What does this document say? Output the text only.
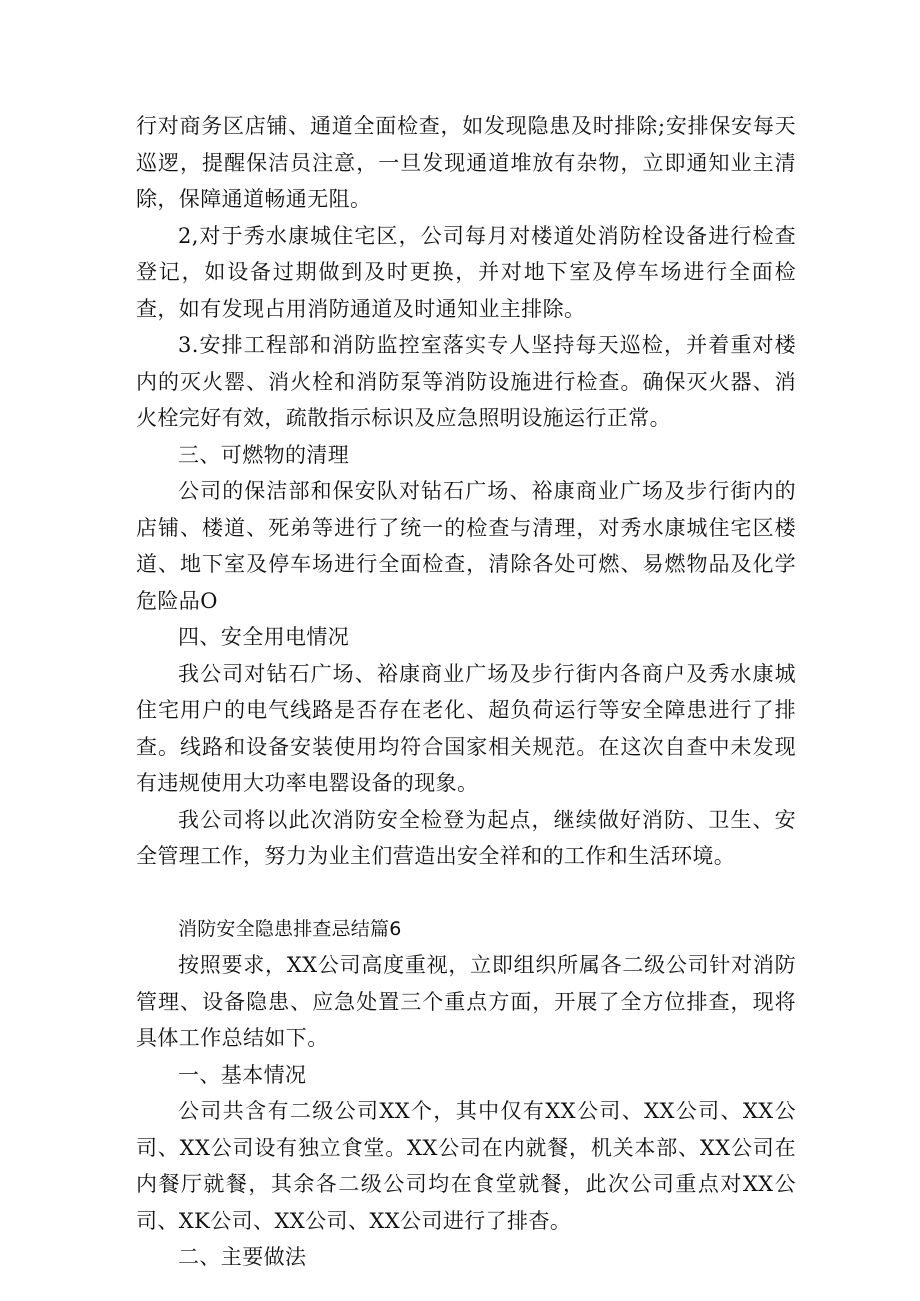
行对商务区店铺、通道全面检查，如发现隐患及时排除;安排保安每天巡逻，提醒保洁员注意，一旦发现通道堆放有杂物，立即通知业主清除，保障通道畅通无阻。

2,对于秀水康城住宅区，公司每月对楼道处消防栓设备进行检查登记，如设备过期做到及时更换，并对地下室及停车场进行全面检查，如有发现占用消防通道及时通知业主排除。

3.安排工程部和消防监控室落实专人坚持每天巡检，并着重对楼内的灭火罂、消火栓和消防泵等消防设施进行检查。确保灭火器、消火栓完好有效，疏散指示标识及应急照明设施运行正常。

三、可燃物的清理

公司的保洁部和保安队对钻石广场、裕康商业广场及步行街内的店铺、楼道、死弟等进行了统一的检查与清理，对秀水康城住宅区楼道、地下室及停车场进行全面检查，清除各处可燃、易燃物品及化学危险品O

四、安全用电情况

我公司对钻石广场、裕康商业广场及步行街内各商户及秀水康城住宅用户的电气线路是否存在老化、超负荷运行等安全障患进行了排查。线路和设备安装使用均符合国家相关规范。在这次自查中未发现有违规使用大功率电罂设备的现象。

我公司将以此次消防安全检登为起点，继续做好消防、卫生、安全管理工作，努力为业主们营造出安全祥和的工作和生活环境。

消防安全隐患排查忌结篇6

按照要求，XX公司高度重视，立即组织所属各二级公司针对消防管理、设备隐患、应急处置三个重点方面，开展了全方位排查，现将具体工作总结如下。

一、基本情况

公司共含有二级公司XX个，其中仅有XX公司、XX公司、XX公司、XX公司设有独立食堂。XX公司在内就餐，机关本部、XX公司在内餐厅就餐，其余各二级公司均在食堂就餐，此次公司重点对XX公司、XK公司、XX公司、XX公司进行了排杳。

二、主要做法
